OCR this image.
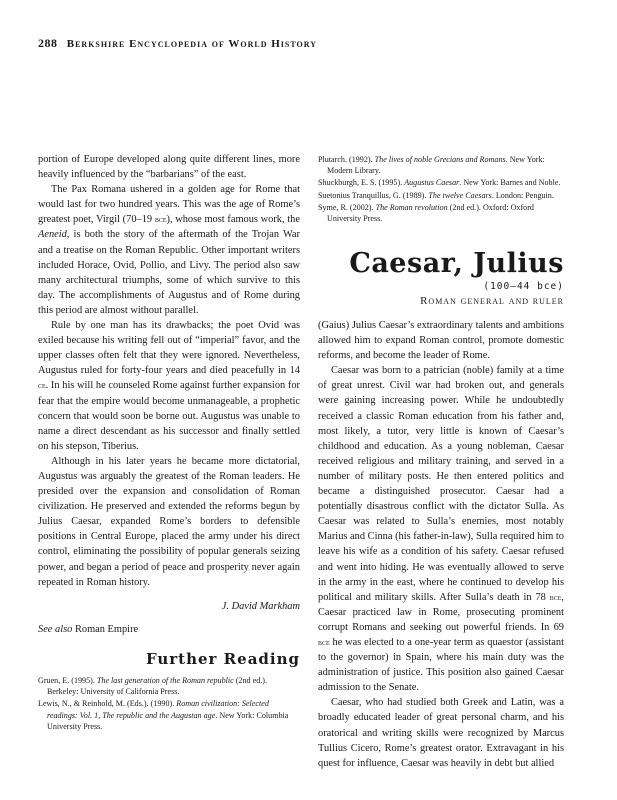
288 Berkshire Encyclopedia of World History

portion of Europe developed along quite different lines, more heavily influenced by the “barbarians” of the east.

The Pax Romana ushered in a golden age for Rome that would last for two hundred years. This was the age of Rome’s greatest poet, Virgil (70–19 bce), whose most famous work, the Aeneid, is both the story of the aftermath of the Trojan War and a treatise on the Roman Republic. Other important writers included Horace, Ovid, Pollio, and Livy. The period also saw many architectural triumphs, some of which survive to this day. The accomplishments of Augustus and of Rome during this period are almost without parallel.

Rule by one man has its drawbacks; the poet Ovid was exiled because his writing fell out of “imperial” favor, and the upper classes often felt that they were ignored. Nevertheless, Augustus ruled for forty-four years and died peacefully in 14 ce. In his will he counseled Rome against further expansion for fear that the empire would become unmanageable, a prophetic concern that would soon be borne out. Augustus was unable to name a direct descendant as his successor and finally settled on his stepson, Tiberius.

Although in his later years he became more dictatorial, Augustus was arguably the greatest of the Roman leaders. He presided over the expansion and consolidation of Roman civilization. He preserved and extended the reforms begun by Julius Caesar, expanded Rome’s borders to defensible positions in Central Europe, placed the army under his direct control, eliminating the possibility of popular generals seizing power, and began a period of peace and prosperity never again repeated in Roman history.

J. David Markham

See also Roman Empire

Further Reading

Gruen, E. (1995). The last generation of the Roman republic (2nd ed.). Berkeley: University of California Press.

Lewis, N., & Reinhold, M. (Eds.). (1990). Roman civilization: Selected readings: Vol. 1, The republic and the Augustan age. New York: Columbia University Press.

Plutarch. (1992). The lives of noble Grecians and Romans. New York: Modern Library.

Shuckburgh, E. S. (1995). Augustus Caesar. New York: Barnes and Noble.

Suetonius Tranquillus, G. (1989). The twelve Caesars. London: Penguin.

Syme, R. (2002). The Roman revolution (2nd ed.). Oxford: Oxford University Press.

Caesar, Julius
(100–44 bce)
Roman general and ruler

(Gaius) Julius Caesar’s extraordinary talents and ambitions allowed him to expand Roman control, promote domestic reforms, and become the leader of Rome.

Caesar was born to a patrician (noble) family at a time of great unrest. Civil war had broken out, and generals were gaining increasing power. While he undoubtedly received a classic Roman education from his father and, most likely, a tutor, very little is known of Caesar’s childhood and education. As a young nobleman, Caesar received religious and military training, and served in a number of military posts. He then entered politics and became a distinguished prosecutor. Caesar had a potentially disastrous conflict with the dictator Sulla. As Caesar was related to Sulla’s enemies, most notably Marius and Cinna (his father-in-law), Sulla required him to leave his wife as a condition of his safety. Caesar refused and went into hiding. He was eventually allowed to serve in the army in the east, where he continued to develop his political and military skills. After Sulla’s death in 78 bce, Caesar practiced law in Rome, prosecuting prominent corrupt Romans and seeking out powerful friends. In 69 bce he was elected to a one-year term as quaestor (assistant to the governor) in Spain, where his main duty was the administration of justice. This position also gained Caesar admission to the Senate.

Caesar, who had studied both Greek and Latin, was a broadly educated leader of great personal charm, and his oratorical and writing skills were recognized by Marcus Tullius Cicero, Rome’s greatest orator. Extravagant in his quest for influence, Caesar was heavily in debt but allied
